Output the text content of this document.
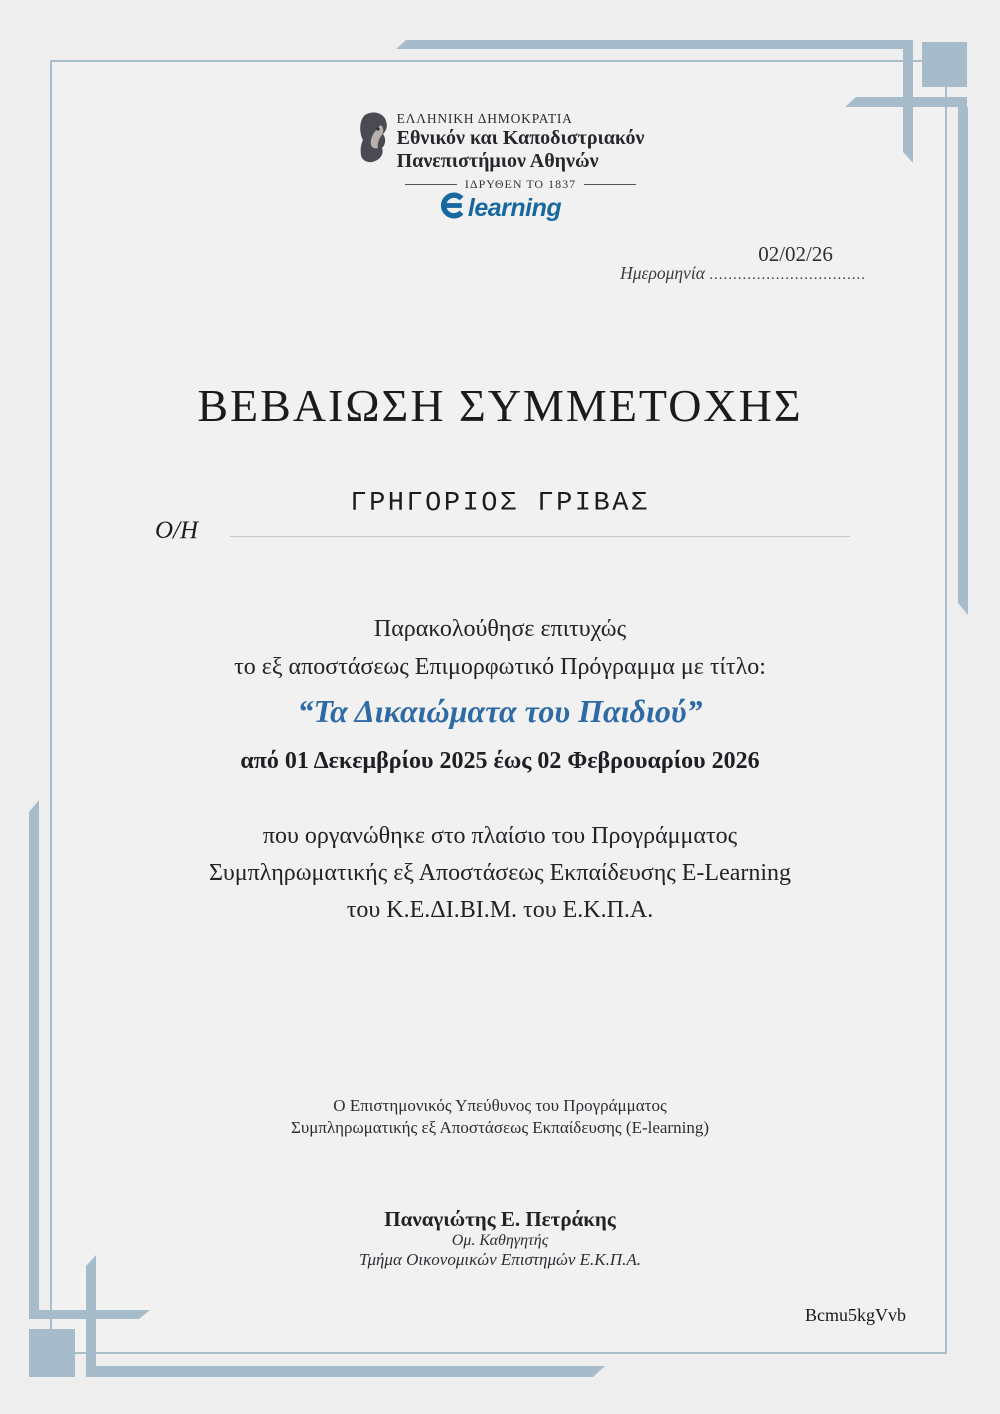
ΕΛΛΗΝΙΚΗ ΔΗΜΟΚΡΑΤΙΑ
Εθνικόν και Καποδιστριακόν
Πανεπιστήμιον Αθηνών
ΙΔΡΥΘΕΝ ΤΟ 1837
learning
02/02/26
Ημερομηνία .................................
ΒΕΒΑΙΩΣΗ ΣΥΜΜΕΤΟΧΗΣ
Ο/Η
ΓΡΗΓΟΡΙΟΣ ΓΡΙΒΑΣ
Παρακολούθησε επιτυχώς
το εξ αποστάσεως Επιμορφωτικό Πρόγραμμα με τίτλο:
“Τα Δικαιώματα του Παιδιού”
από 01 Δεκεμβρίου 2025 έως 02 Φεβρουαρίου 2026
που οργανώθηκε στο πλαίσιο του Προγράμματος
Συμπληρωματικής εξ Αποστάσεως Εκπαίδευσης E-Learning
του Κ.Ε.ΔΙ.ΒΙ.Μ. του Ε.Κ.Π.Α.
Ο Επιστημονικός Υπεύθυνος του Προγράμματος
Συμπληρωματικής εξ Αποστάσεως Εκπαίδευσης (E-learning)
Παναγιώτης Ε. Πετράκης
Ομ. Καθηγητής
Τμήμα Οικονομικών Επιστημών Ε.Κ.Π.Α.
Bcmu5kgVvb
